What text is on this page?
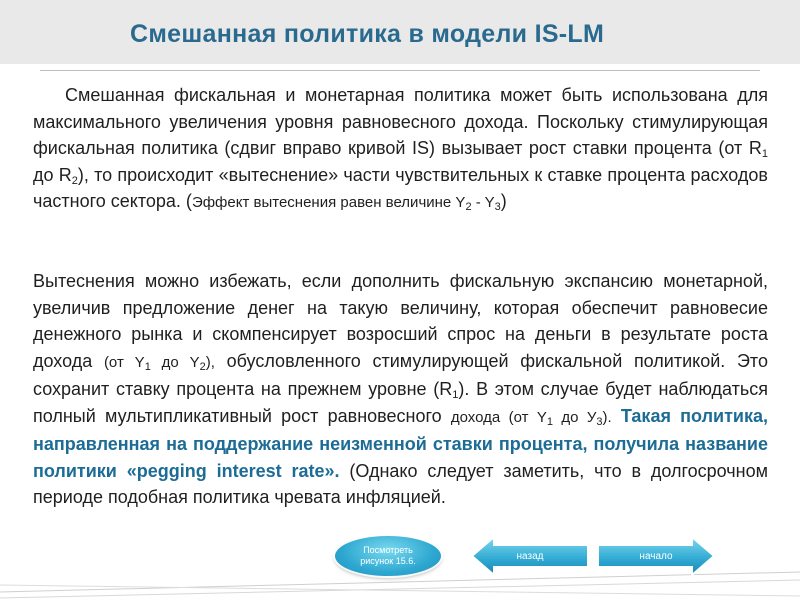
Смешанная политика в модели IS-LM
Смешанная фискальная и монетарная политика может быть использована для максимального увеличения уровня равновесного дохода. Поскольку стимулирующая фискальная политика (сдвиг вправо кривой IS) вызывает рост ставки процента (от $R_1$ до $R_2$), то происходит «вытеснение» части чувствительных к ставке процента расходов частного сектора. (Эффект вытеснения равен величине $Y_2 - Y_3$)
Вытеснения можно избежать, если дополнить фискальную экспансию монетарной, увеличив предложение денег на такую величину, которая обеспечит равновесие денежного рынка и скомпенсирует возросший спрос на деньги в результате роста дохода (от $Y_1$ до $Y_2$), обусловленного стимулирующей фискальной политикой. Это сохранит ставку процента на прежнем уровне $(R_1)$. В этом случае будет наблюдаться полный мультипликативный рост равновесного дохода (от $Y_1$ до $У_3$). Такая политика, направленная на поддержание неизменной ставки процента, получила название политики «pegging interest rate». (Однако следует заметить, что в долгосрочном периоде подобная политика чревата инфляцией.
Посмотреть
рисунок 15.6.	назад	начало
